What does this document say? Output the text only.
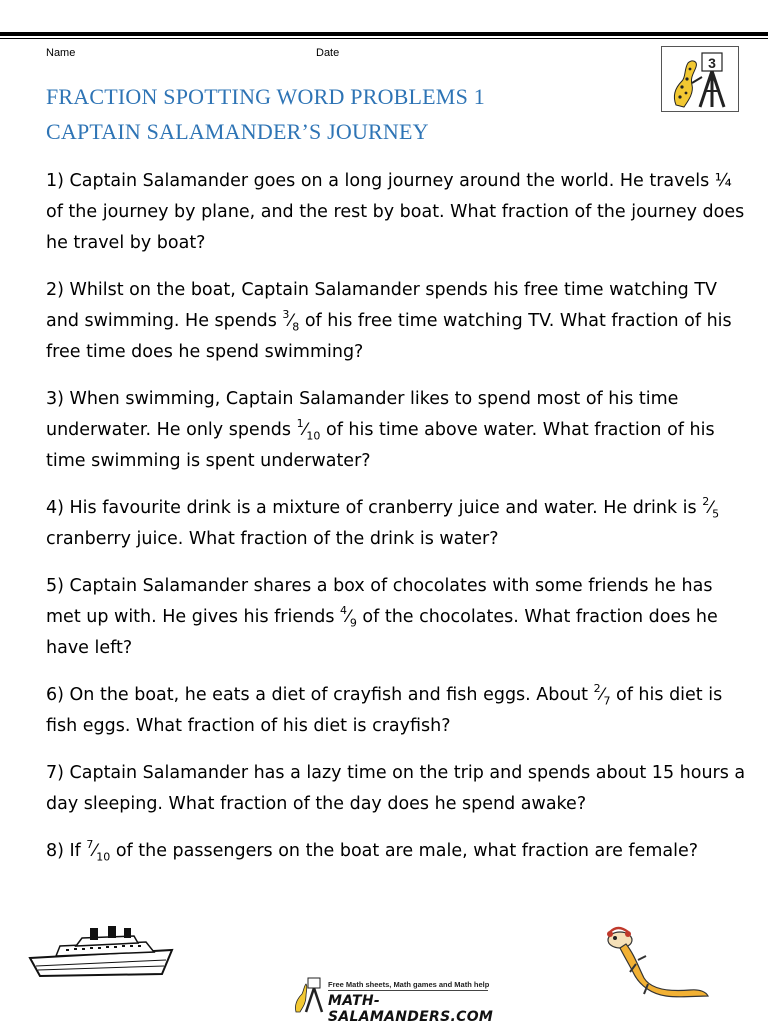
Name	Date
FRACTION SPOTTING WORD PROBLEMS 1
CAPTAIN SALAMANDER’S JOURNEY
3

1) Captain Salamander goes on a long journey around the world. He travels ¼ of the journey by plane, and the rest by boat. What fraction of the journey does he travel by boat?

2) Whilst on the boat, Captain Salamander spends his free time watching TV and swimming. He spends $^3⁄_8$ of his free time watching TV. What fraction of his free time does he spend swimming?

3) When swimming, Captain Salamander likes to spend most of his time underwater. He only spends $^1⁄_{10}$ of his time above water. What fraction of his time swimming is spent underwater?

4) His favourite drink is a mixture of cranberry juice and water. He drink is $^2⁄_5$ cranberry juice. What fraction of the drink is water?

5) Captain Salamander shares a box of chocolates with some friends he has met up with. He gives his friends $^4⁄_9$ of the chocolates. What fraction does he have left?

6) On the boat, he eats a diet of crayfish and fish eggs. About $^2⁄_7$ of his diet is fish eggs. What fraction of his diet is crayfish?

7) Captain Salamander has a lazy time on the trip and spends about 15 hours a day sleeping. What fraction of the day does he spend awake?

8) If $^7⁄_{10}$ of the passengers on the boat are male, what fraction are female?

Free Math sheets, Math games and Math help
MATH-SALAMANDERS.COM
